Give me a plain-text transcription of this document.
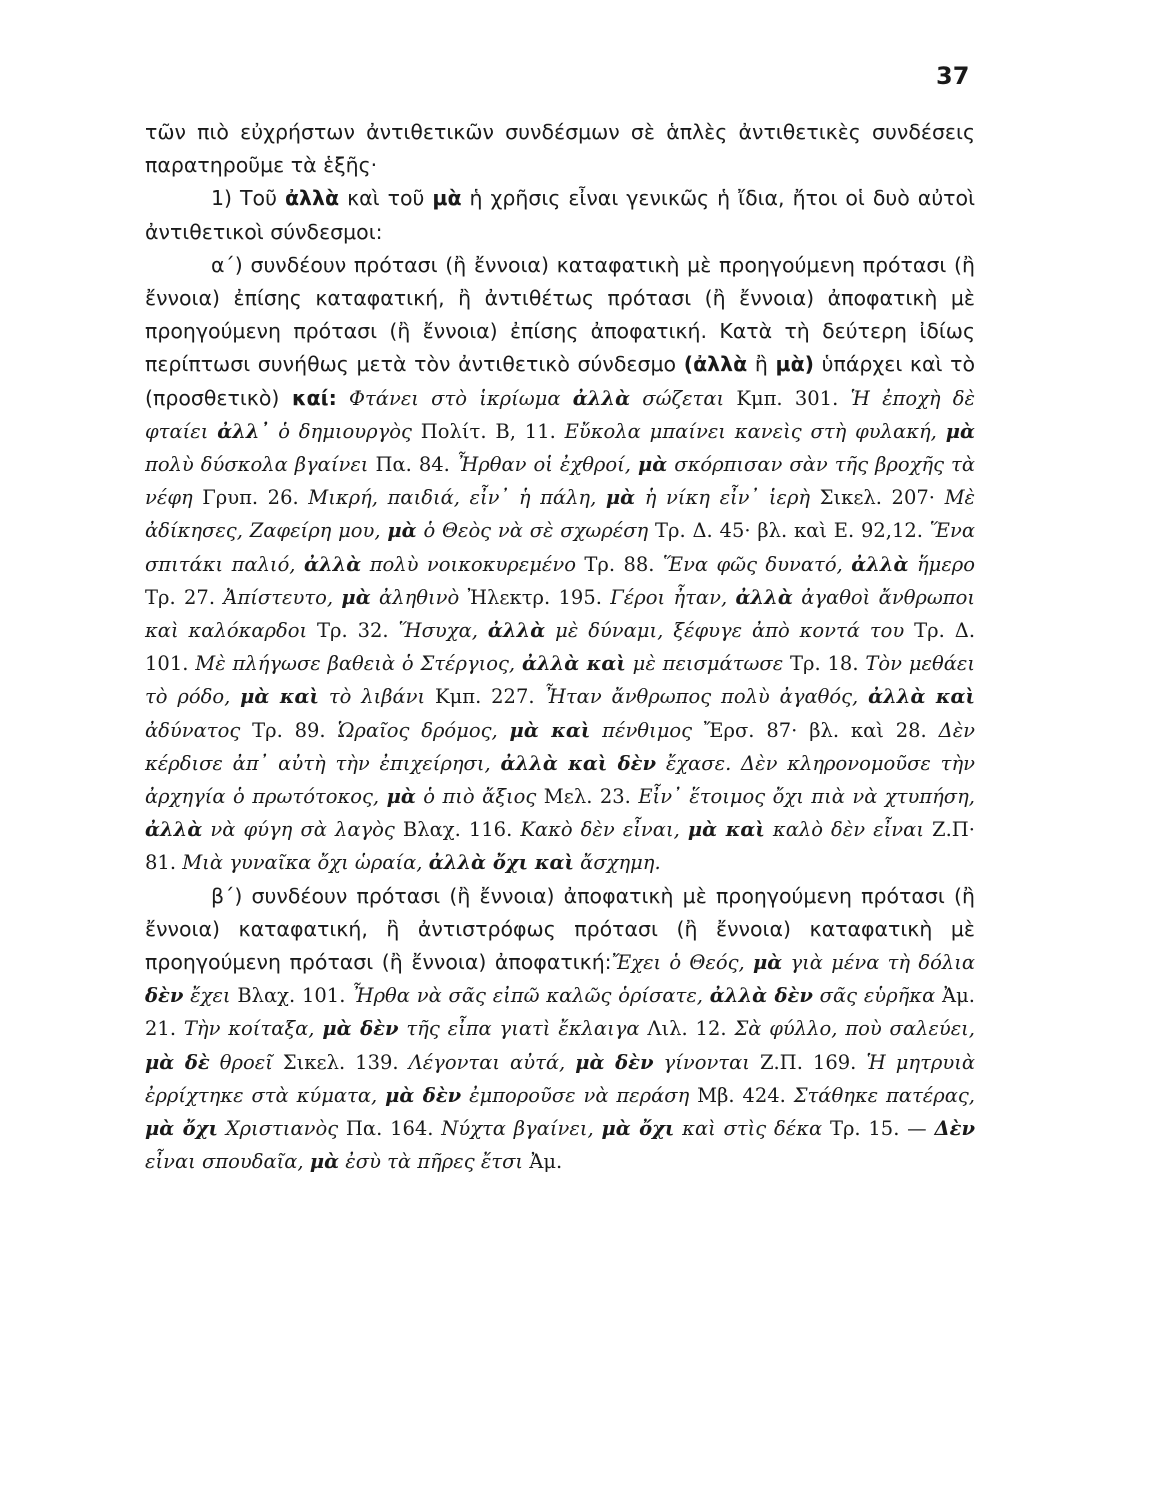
37

τῶν πιὸ εὐχρήστων ἀντιθετικῶν συνδέσμων σὲ ἁπλὲς ἀντιθετικὲς συνδέσεις παρατηροῦμε τὰ ἑξῆς·

1) Τοῦ ἀλλὰ καὶ τοῦ μὰ ἡ χρῆσις εἶναι γενικῶς ἡ ἴδια, ἤτοι οἱ δυὸ αὐτοὶ ἀντιθετικοὶ σύνδεσμοι:

α΄) συνδέουν πρότασι (ἢ ἔννοια) καταφατικὴ μὲ προηγούμενη πρότασι (ἢ ἔννοια) ἐπίσης καταφατική, ἢ ἀντιθέτως πρότασι (ἢ ἔννοια) ἀποφατικὴ μὲ προηγούμενη πρότασι (ἢ ἔννοια) ἐπίσης ἀποφατική. Κατὰ τὴ δεύτερη ἰδίως περίπτωσι συνήθως μετὰ τὸν ἀντιθετικὸ σύνδεσμο (ἀλλὰ ἢ μὰ) ὑπάρχει καὶ τὸ (προσθετικὸ) καί: Φτάνει στὸ ἱκρίωμα ἀλλὰ σώζεται Κμπ. 301. Ἡ ἐποχὴ δὲ φταίει ἀλλ᾽ ὁ δημιουργὸς Πολίτ. Β, 11. Εὔκολα μπαίνει κανεὶς στὴ φυλακή, μὰ πολὺ δύσκολα βγαίνει Πα. 84. Ἦρθαν οἱ ἐχθροί, μὰ σκόρπισαν σὰν τῆς βροχῆς τὰ νέφη Γρυπ. 26. Μικρή, παιδιά, εἶν᾽ ἡ πάλη, μὰ ἡ νίκη εἶν᾽ ἱερὴ Σικελ. 207· Μὲ ἀδίκησες, Ζαφείρη μου, μὰ ὁ Θεὸς νὰ σὲ σχωρέση Τρ. Δ. 45· βλ. καὶ Ε. 92,12. Ἕνα σπιτάκι παλιό, ἀλλὰ πολὺ νοικοκυρεμένο Τρ. 88. Ἕνα φῶς δυνατό, ἀλλὰ ἥμερο Τρ. 27. Ἀπίστευτο, μὰ ἀληθινὸ Ἠλεκτρ. 195. Γέροι ἦταν, ἀλλὰ ἀγαθοὶ ἄνθρωποι καὶ καλόκαρδοι Τρ. 32. Ἥσυχα, ἀλλὰ μὲ δύναμι, ξέφυγε ἀπὸ κοντά του Τρ. Δ. 101. Μὲ πλήγωσε βαθειὰ ὁ Στέργιος, ἀλλὰ καὶ μὲ πεισμάτωσε Τρ. 18. Τὸν μεθάει τὸ ρόδο, μὰ καὶ τὸ λιβάνι Κμπ. 227. Ἦταν ἄνθρωπος πολὺ ἀγαθός, ἀλλὰ καὶ ἀδύνατος Τρ. 89. Ὡραῖος δρόμος, μὰ καὶ πένθιμος Ἔρσ. 87· βλ. καὶ 28. Δὲν κέρδισε ἀπ᾽ αὐτὴ τὴν ἐπιχείρησι, ἀλλὰ καὶ δὲν ἔχασε. Δὲν κληρονομοῦσε τὴν ἀρχηγία ὁ πρωτότοκος, μὰ ὁ πιὸ ἄξιος Μελ. 23. Εἶν᾽ ἕτοιμος ὄχι πιὰ νὰ χτυπήση, ἀλλὰ νὰ φύγη σὰ λαγὸς Βλαχ. 116. Κακὸ δὲν εἶναι, μὰ καὶ καλὸ δὲν εἶναι Ζ.Π· 81. Μιὰ γυναῖκα ὄχι ὡραία, ἀλλὰ ὄχι καὶ ἄσχημη.

β΄) συνδέουν πρότασι (ἢ ἔννοια) ἀποφατικὴ μὲ προηγούμενη πρότασι (ἢ ἔννοια) καταφατική, ἢ ἀντιστρόφως πρότασι (ἢ ἔννοια) καταφατικὴ μὲ προηγούμενη πρότασι (ἢ ἔννοια) ἀποφατική:Ἔχει ὁ Θεός, μὰ γιὰ μένα τὴ δόλια δὲν ἔχει Βλαχ. 101. Ἦρθα νὰ σᾶς εἰπῶ καλῶς ὁρίσατε, ἀλλὰ δὲν σᾶς εὑρῆκα Ἀμ. 21. Τὴν κοίταξα, μὰ δὲν τῆς εἶπα γιατὶ ἔκλαιγα Λιλ. 12. Σὰ φύλλο, ποὺ σαλεύει, μὰ δὲ θροεῖ Σικελ. 139. Λέγονται αὐτά, μὰ δὲν γίνονται Ζ.Π. 169. Ἡ μητρυιὰ ἐρρίχτηκε στὰ κύματα, μὰ δὲν ἐμποροῦσε νὰ περάση Μβ. 424. Στάθηκε πατέρας, μὰ ὄχι Χριστιανὸς Πα. 164. Νύχτα βγαίνει, μὰ ὄχι καὶ στὶς δέκα Τρ. 15. — Δὲν εἶναι σπουδαῖα, μὰ ἐσὺ τὰ πῆρες ἔτσι Ἀμ.
